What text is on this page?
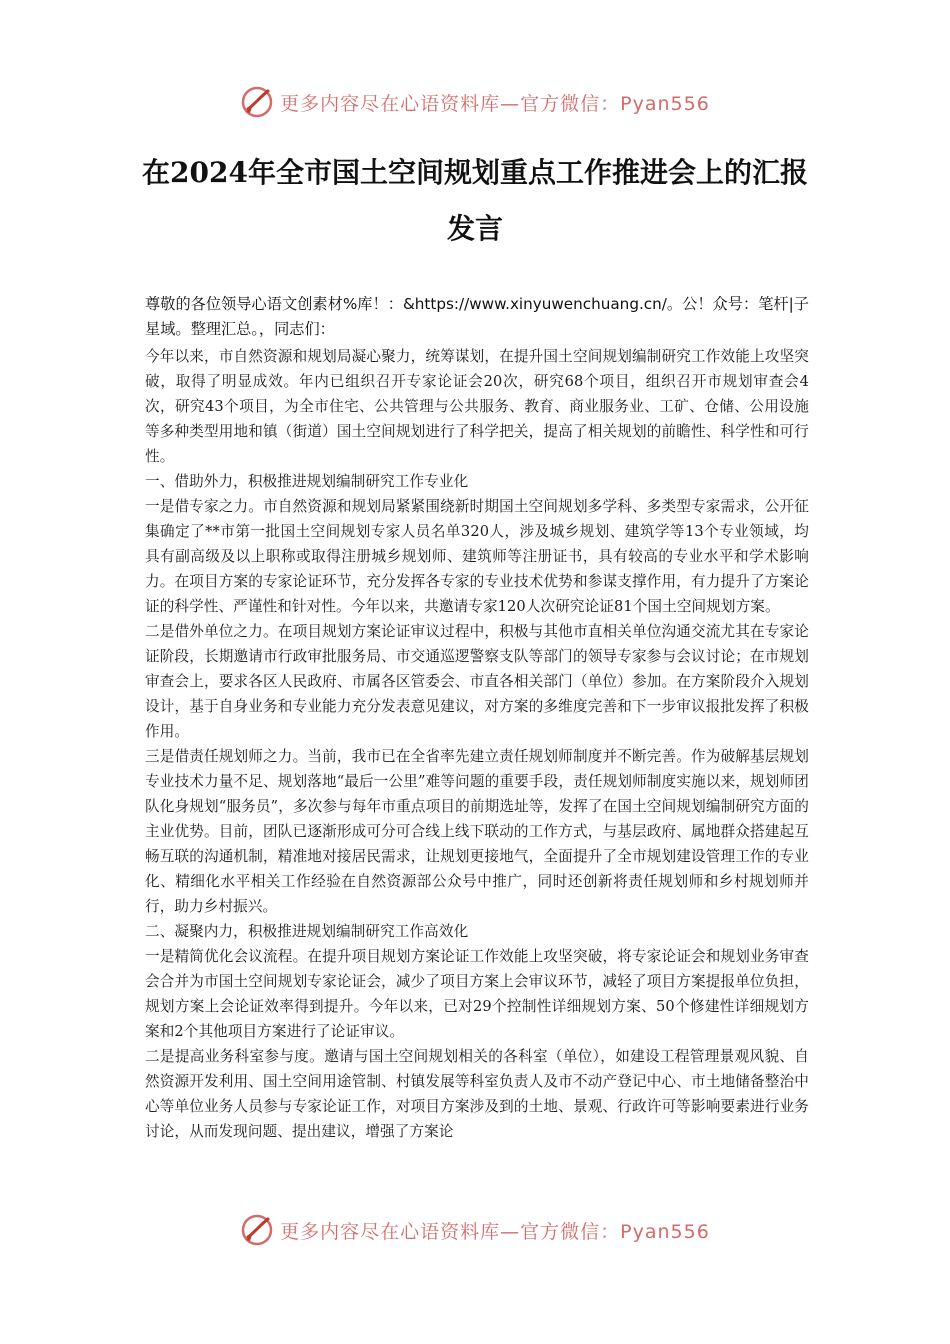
更多内容尽在心语资料库—官方微信：Pyan556
在2024年全市国土空间规划重点工作推进会上的汇报发言

尊敬的各位领导心语文创素材%库！：&https://www.xinyuwenchuang.cn/。公！众号：笔杆|子星域。整理汇总。，同志们：

今年以来，市自然资源和规划局凝心聚力，统筹谋划，在提升国土空间规划编制研究工作效能上攻坚突破，取得了明显成效。年内已组织召开专家论证会20次，研究68个项目，组织召开市规划审查会4次，研究43个项目，为全市住宅、公共管理与公共服务、教育、商业服务业、工矿、仓储、公用设施等多种类型用地和镇（街道）国土空间规划进行了科学把关，提高了相关规划的前瞻性、科学性和可行性。

一、借助外力，积极推进规划编制研究工作专业化

一是借专家之力。市自然资源和规划局紧紧围绕新时期国土空间规划多学科、多类型专家需求，公开征集确定了**市第一批国土空间规划专家人员名单320人，涉及城乡规划、建筑学等13个专业领域，均具有副高级及以上职称或取得注册城乡规划师、建筑师等注册证书，具有较高的专业水平和学术影响力。在项目方案的专家论证环节，充分发挥各专家的专业技术优势和参谋支撑作用，有力提升了方案论证的科学性、严谨性和针对性。今年以来，共邀请专家120人次研究论证81个国土空间规划方案。

二是借外单位之力。在项目规划方案论证审议过程中，积极与其他市直相关单位沟通交流尤其在专家论证阶段，长期邀请市行政审批服务局、市交通巡逻警察支队等部门的领导专家参与会议讨论；在市规划审查会上，要求各区人民政府、市属各区管委会、市直各相关部门（单位）参加。在方案阶段介入规划设计，基于自身业务和专业能力充分发表意见建议，对方案的多维度完善和下一步审议报批发挥了积极作用。

三是借责任规划师之力。当前，我市已在全省率先建立责任规划师制度并不断完善。作为破解基层规划专业技术力量不足、规划落地“最后一公里”难等问题的重要手段，责任规划师制度实施以来，规划师团队化身规划“服务员”，多次参与每年市重点项目的前期选址等，发挥了在国土空间规划编制研究方面的主业优势。目前，团队已逐渐形成可分可合线上线下联动的工作方式，与基层政府、属地群众搭建起互畅互联的沟通机制，精准地对接居民需求，让规划更接地气，全面提升了全市规划建设管理工作的专业化、精细化水平相关工作经验在自然资源部公众号中推广，同时还创新将责任规划师和乡村规划师并行，助力乡村振兴。

二、凝聚内力，积极推进规划编制研究工作高效化

一是精简优化会议流程。在提升项目规划方案论证工作效能上攻坚突破，将专家论证会和规划业务审查会合并为市国土空间规划专家论证会，减少了项目方案上会审议环节，减轻了项目方案提报单位负担，规划方案上会论证效率得到提升。今年以来，已对29个控制性详细规划方案、50个修建性详细规划方案和2个其他项目方案进行了论证审议。

二是提高业务科室参与度。邀请与国土空间规划相关的各科室（单位），如建设工程管理景观风貌、自然资源开发利用、国土空间用途管制、村镇发展等科室负责人及市不动产登记中心、市土地储备整治中心等单位业务人员参与专家论证工作，对项目方案涉及到的土地、景观、行政许可等影响要素进行业务讨论，从而发现问题、提出建议，增强了方案论

更多内容尽在心语资料库—官方微信：Pyan556
